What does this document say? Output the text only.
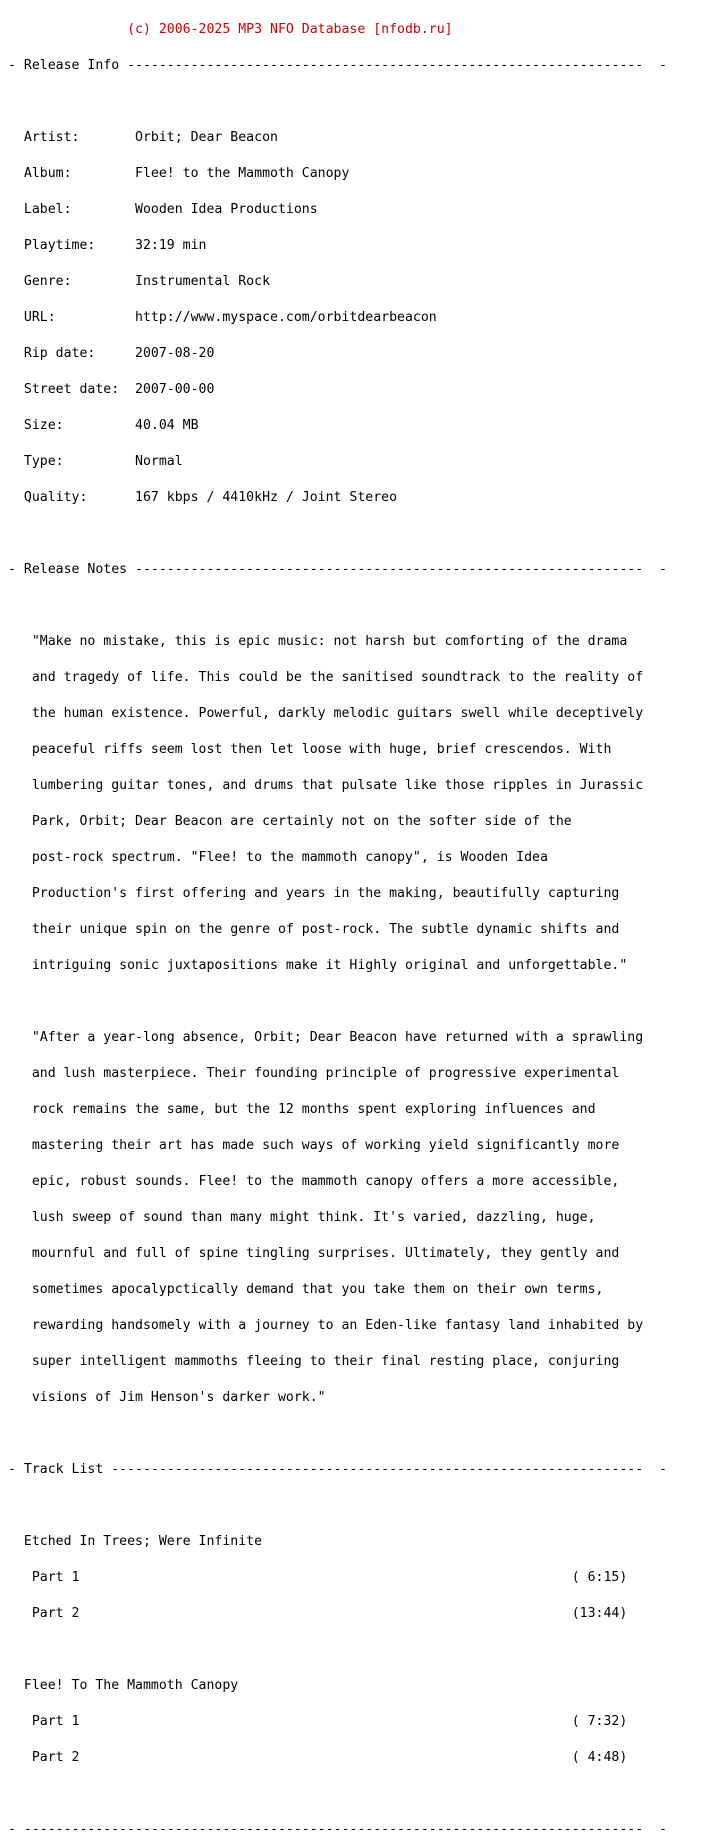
(c) 2006-2025 MP3 NFO Database [nfodb.ru]

- Release Info -----------------------------------------------------------------  -

Artist:       Orbit; Dear Beacon

Album:        Flee! to the Mammoth Canopy

Label:        Wooden Idea Productions

Playtime:     32:19 min

Genre:        Instrumental Rock

URL:          http://www.myspace.com/orbitdearbeacon

Rip date:     2007-08-20

Street date:  2007-00-00

Size:         40.04 MB

Type:         Normal

Quality:      167 kbps / 4410kHz / Joint Stereo

- Release Notes ----------------------------------------------------------------  -

"Make no mistake, this is epic music: not harsh but comforting of the drama

and tragedy of life. This could be the sanitised soundtrack to the reality of

the human existence. Powerful, darkly melodic guitars swell while deceptively

peaceful riffs seem lost then let loose with huge, brief crescendos. With

lumbering guitar tones, and drums that pulsate like those ripples in Jurassic

Park, Orbit; Dear Beacon are certainly not on the softer side of the

post-rock spectrum. "Flee! to the mammoth canopy", is Wooden Idea

Production's first offering and years in the making, beautifully capturing

their unique spin on the genre of post-rock. The subtle dynamic shifts and

intriguing sonic juxtapositions make it Highly original and unforgettable."

"After a year-long absence, Orbit; Dear Beacon have returned with a sprawling

and lush masterpiece. Their founding principle of progressive experimental

rock remains the same, but the 12 months spent exploring influences and

mastering their art has made such ways of working yield significantly more

epic, robust sounds. Flee! to the mammoth canopy offers a more accessible,

lush sweep of sound than many might think. It's varied, dazzling, huge,

mournful and full of spine tingling surprises. Ultimately, they gently and

sometimes apocalypctically demand that you take them on their own terms,

rewarding handsomely with a journey to an Eden-like fantasy land inhabited by

super intelligent mammoths fleeing to their final resting place, conjuring

visions of Jim Henson's darker work."

- Track List -------------------------------------------------------------------  -

Etched In Trees; Were Infinite

Part 1                                                              ( 6:15)

Part 2                                                              (13:44)

Flee! To The Mammoth Canopy

Part 1                                                              ( 7:32)

Part 2                                                              ( 4:48)

- ------------------------------------------------------------------------------  -
